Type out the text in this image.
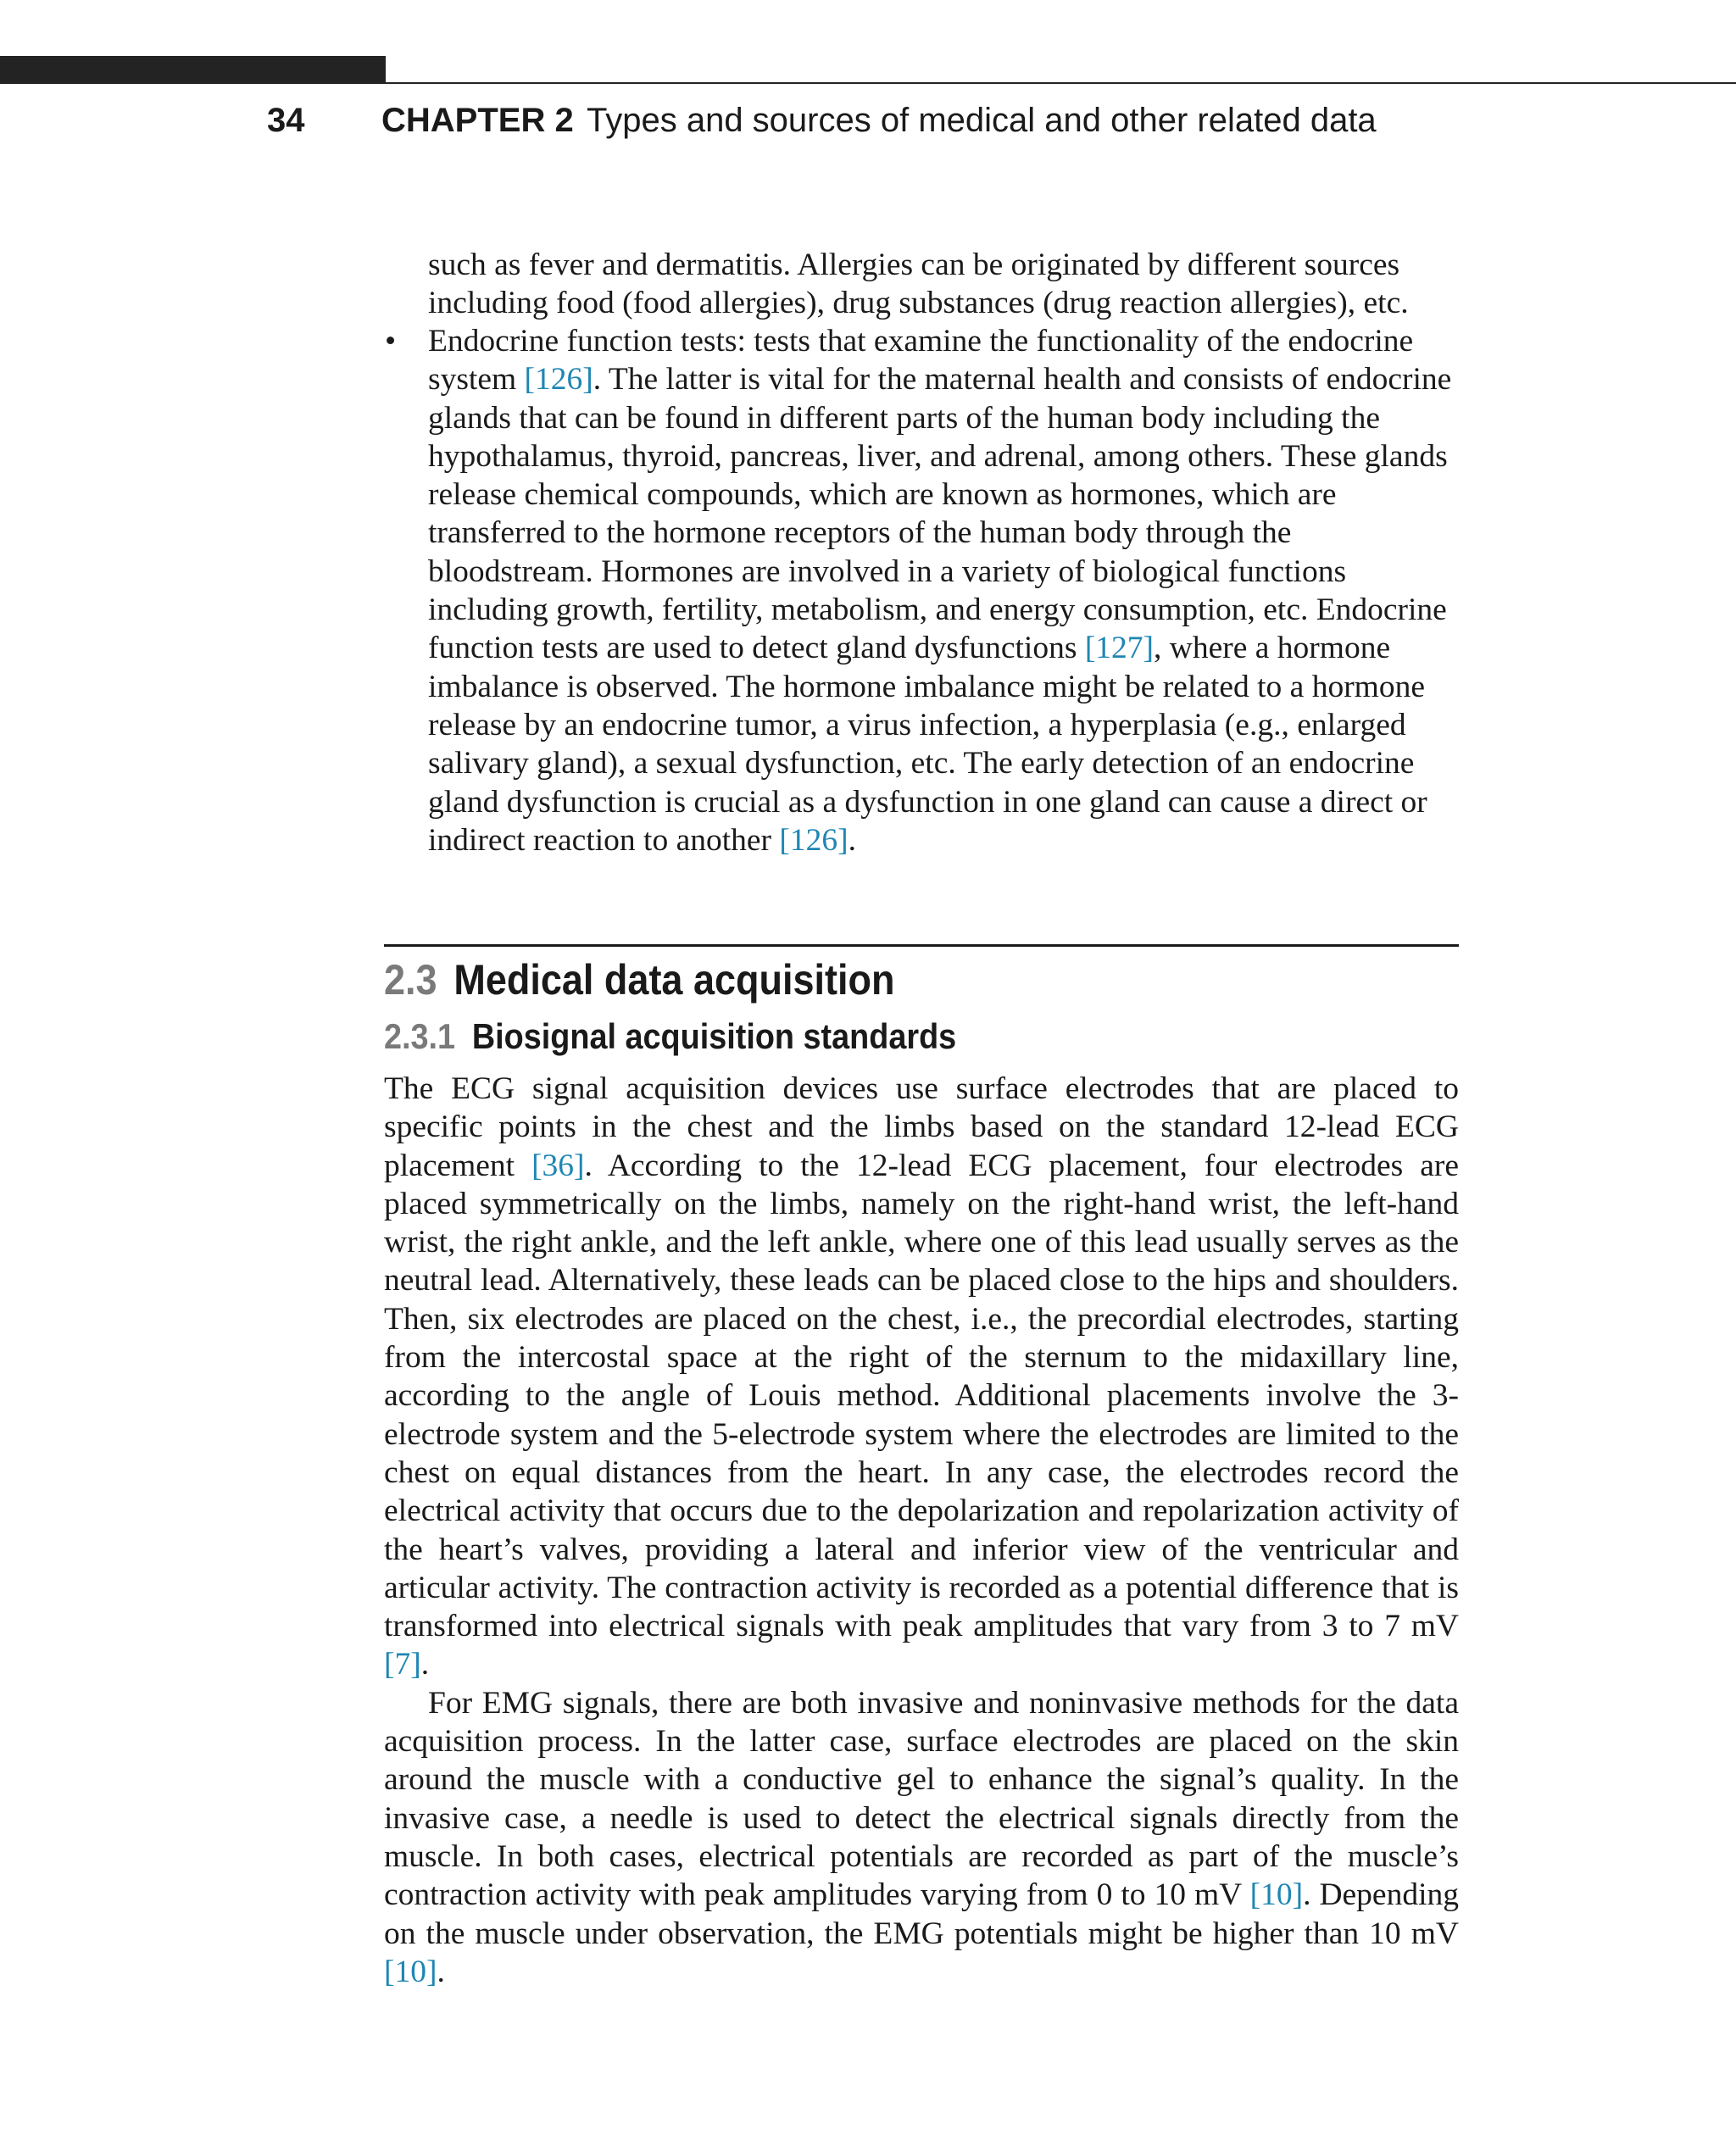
34 CHAPTER 2 Types and sources of medical and other related data

such as fever and dermatitis. Allergies can be originated by different sources including food (food allergies), drug substances (drug reaction allergies), etc.

• Endocrine function tests: tests that examine the functionality of the endocrine system [126]. The latter is vital for the maternal health and consists of endocrine glands that can be found in different parts of the human body including the hypothalamus, thyroid, pancreas, liver, and adrenal, among others. These glands release chemical compounds, which are known as hormones, which are transferred to the hormone receptors of the human body through the bloodstream. Hormones are involved in a variety of biological functions including growth, fertility, metabolism, and energy consumption, etc. Endocrine function tests are used to detect gland dysfunctions [127], where a hormone imbalance is observed. The hormone imbalance might be related to a hormone release by an endocrine tumor, a virus infection, a hyperplasia (e.g., enlarged salivary gland), a sexual dysfunction, etc. The early detection of an endocrine gland dysfunction is crucial as a dysfunction in one gland can cause a direct or indirect reaction to another [126].

2.3 Medical data acquisition
2.3.1 Biosignal acquisition standards

The ECG signal acquisition devices use surface electrodes that are placed to specific points in the chest and the limbs based on the standard 12-lead ECG placement [36]. According to the 12-lead ECG placement, four electrodes are placed symmetrically on the limbs, namely on the right-hand wrist, the left-hand wrist, the right ankle, and the left ankle, where one of this lead usually serves as the neutral lead. Alternatively, these leads can be placed close to the hips and shoulders. Then, six electrodes are placed on the chest, i.e., the precordial electrodes, starting from the intercostal space at the right of the sternum to the midaxillary line, according to the angle of Louis method. Additional placements involve the 3-electrode system and the 5-electrode system where the electrodes are limited to the chest on equal distances from the heart. In any case, the electrodes record the electrical activity that occurs due to the depolarization and repolarization activity of the heart’s valves, providing a lateral and inferior view of the ventricular and articular activity. The contraction activity is recorded as a potential difference that is transformed into electrical signals with peak amplitudes that vary from 3 to 7 mV [7].

For EMG signals, there are both invasive and noninvasive methods for the data acquisition process. In the latter case, surface electrodes are placed on the skin around the muscle with a conductive gel to enhance the signal’s quality. In the invasive case, a needle is used to detect the electrical signals directly from the muscle. In both cases, electrical potentials are recorded as part of the muscle’s contraction activity with peak amplitudes varying from 0 to 10 mV [10]. Depending on the muscle under observation, the EMG potentials might be higher than 10 mV [10].
